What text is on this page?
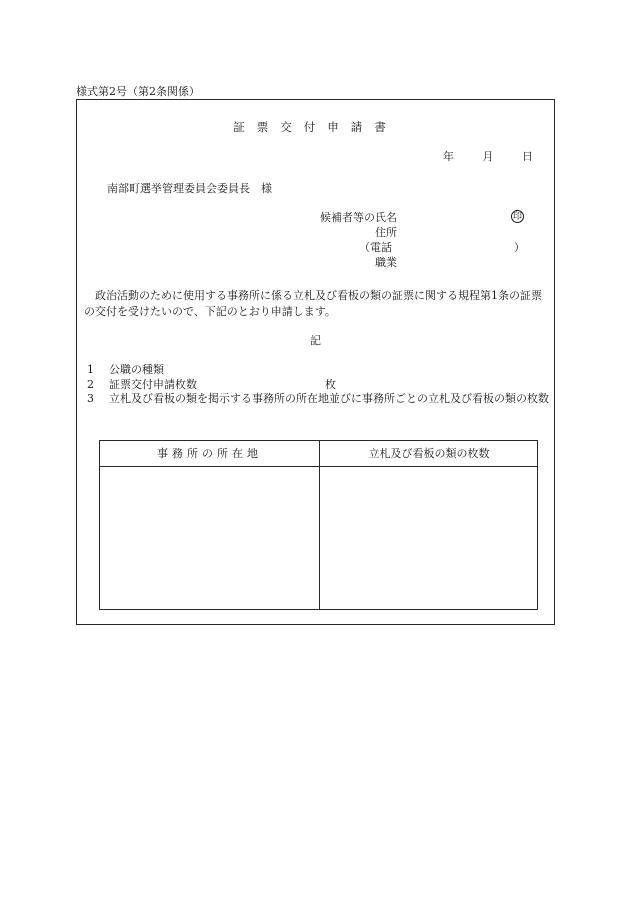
様式第2号（第2条関係）
証票交付申請書
年	月	日
南部町選挙管理委員会委員長　様
候補者等の氏名	印
住所
（電話	）
職業
政治活動のために使用する事務所に係る立札及び看板の類の証票に関する規程第1条の証票の交付を受けたいので、下記のとおり申請します。
記
1 公職の種類
2 証票交付申請枚数	枚
3 立札及び看板の類を掲示する事務所の所在地並びに事務所ごとの立札及び看板の類の枚数
事務所の所在地	立札及び看板の類の枚数
